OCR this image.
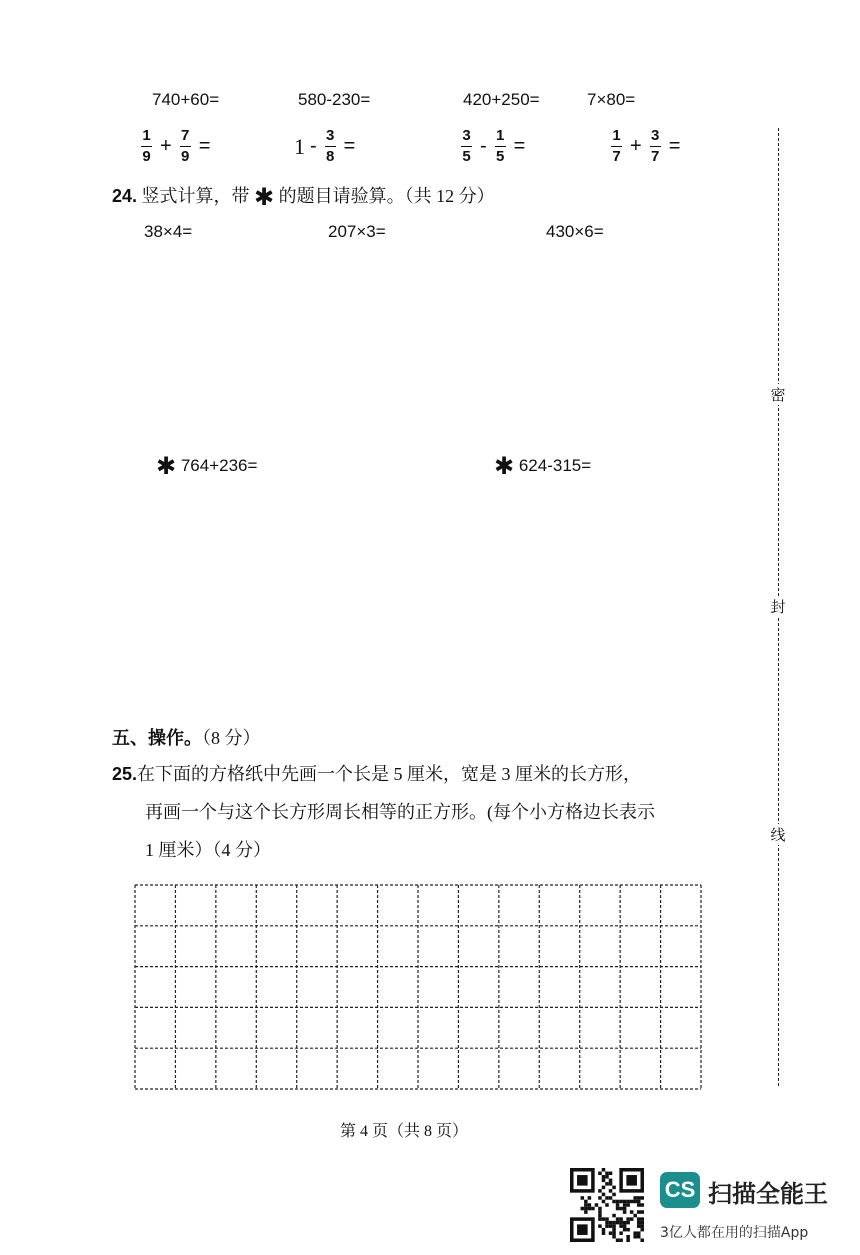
740+60=	580-230=	420+250=	7×80=
$\frac{1}{9} + \frac{7}{9}$ =	$1 - \frac{3}{8}$ =	$\frac{3}{5} - \frac{1}{5}$ =	$\frac{1}{7} + \frac{3}{7}$ =
24. 竖式计算，带 ✱ 的题目请验算。（共 12 分）
38×4=	207×3=	430×6=
✱ 764+236=	✱ 624-315=
五、操作。（8 分）
25.在下面的方格纸中先画一个长是 5 厘米，宽是 3 厘米的长方形，
再画一个与这个长方形周长相等的正方形。(每个小方格边长表示
1 厘米）（4 分）
密
封
线
第 4 页（共 8 页）
CS 扫描全能王
3亿人都在用的扫描App
